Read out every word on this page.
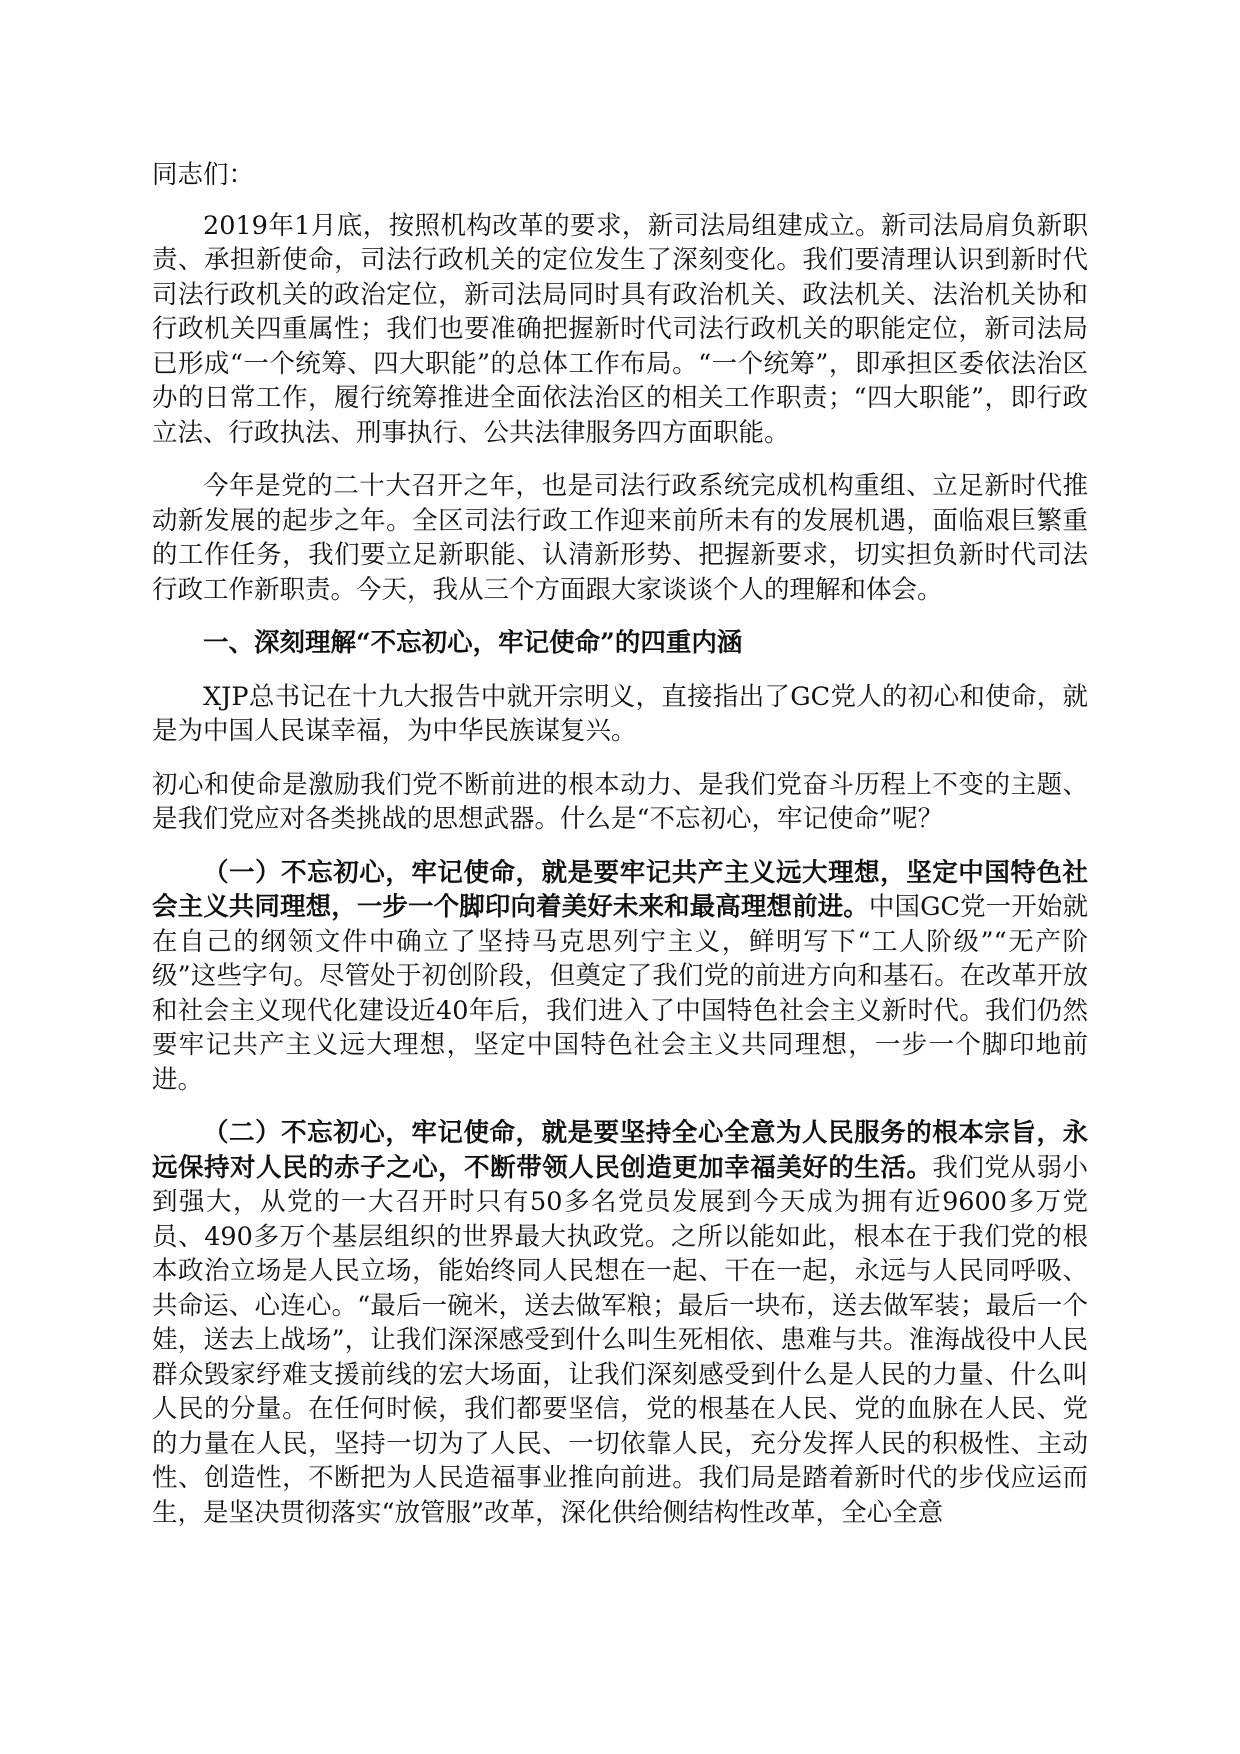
同志们：

2019年1月底，按照机构改革的要求，新司法局组建成立。新司法局肩负新职责、承担新使命，司法行政机关的定位发生了深刻变化。我们要清理认识到新时代司法行政机关的政治定位，新司法局同时具有政治机关、政法机关、法治机关协和行政机关四重属性；我们也要准确把握新时代司法行政机关的职能定位，新司法局已形成“一个统筹、四大职能”的总体工作布局。“一个统筹”，即承担区委依法治区办的日常工作，履行统筹推进全面依法治区的相关工作职责；“四大职能”，即行政立法、行政执法、刑事执行、公共法律服务四方面职能。

今年是党的二十大召开之年，也是司法行政系统完成机构重组、立足新时代推动新发展的起步之年。全区司法行政工作迎来前所未有的发展机遇，面临艰巨繁重的工作任务，我们要立足新职能、认清新形势、把握新要求，切实担负新时代司法行政工作新职责。今天，我从三个方面跟大家谈谈个人的理解和体会。

一、深刻理解“不忘初心，牢记使命”的四重内涵

XJP总书记在十九大报告中就开宗明义，直接指出了GC党人的初心和使命，就是为中国人民谋幸福，为中华民族谋复兴。

初心和使命是激励我们党不断前进的根本动力、是我们党奋斗历程上不变的主题、是我们党应对各类挑战的思想武器。什么是“不忘初心，牢记使命”呢？

（一）不忘初心，牢记使命，就是要牢记共产主义远大理想，坚定中国特色社会主义共同理想，一步一个脚印向着美好未来和最高理想前进。中国GC党一开始就在自己的纲领文件中确立了坚持马克思列宁主义，鲜明写下“工人阶级”“无产阶级”这些字句。尽管处于初创阶段，但奠定了我们党的前进方向和基石。在改革开放和社会主义现代化建设近40年后，我们进入了中国特色社会主义新时代。我们仍然要牢记共产主义远大理想，坚定中国特色社会主义共同理想，一步一个脚印地前进。

（二）不忘初心，牢记使命，就是要坚持全心全意为人民服务的根本宗旨，永远保持对人民的赤子之心，不断带领人民创造更加幸福美好的生活。我们党从弱小到强大，从党的一大召开时只有50多名党员发展到今天成为拥有近9600多万党员、490多万个基层组织的世界最大执政党。之所以能如此，根本在于我们党的根本政治立场是人民立场，能始终同人民想在一起、干在一起，永远与人民同呼吸、共命运、心连心。“最后一碗米，送去做军粮；最后一块布，送去做军装；最后一个娃，送去上战场”，让我们深深感受到什么叫生死相依、患难与共。淮海战役中人民群众毁家纾难支援前线的宏大场面，让我们深刻感受到什么是人民的力量、什么叫人民的分量。在任何时候，我们都要坚信，党的根基在人民、党的血脉在人民、党的力量在人民，坚持一切为了人民、一切依靠人民，充分发挥人民的积极性、主动性、创造性，不断把为人民造福事业推向前进。我们局是踏着新时代的步伐应运而生，是坚决贯彻落实“放管服”改革，深化供给侧结构性改革，全心全意
